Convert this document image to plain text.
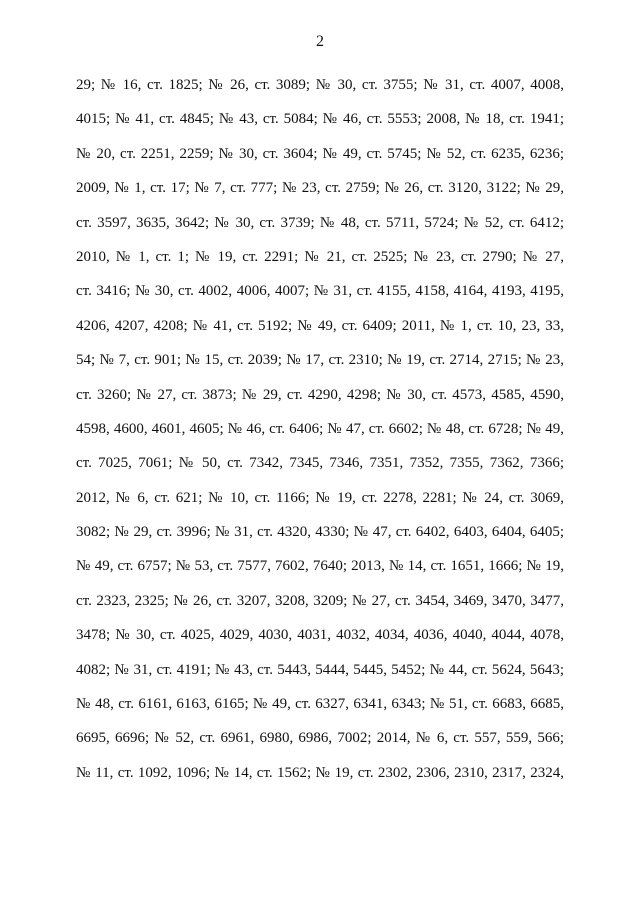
2
29; № 16, ст. 1825; № 26, ст. 3089; № 30, ст. 3755; № 31, ст. 4007, 4008,
4015; № 41, ст. 4845; № 43, ст. 5084; № 46, ст. 5553; 2008, № 18, ст. 1941;
№ 20, ст. 2251, 2259; № 30, ст. 3604; № 49, ст. 5745; № 52, ст. 6235, 6236;
2009, № 1, ст. 17; № 7, ст. 777; № 23, ст. 2759; № 26, ст. 3120, 3122; № 29,
ст. 3597, 3635, 3642; № 30, ст. 3739; № 48, ст. 5711, 5724; № 52, ст. 6412;
2010, № 1, ст. 1; № 19, ст. 2291; № 21, ст. 2525; № 23, ст. 2790; № 27,
ст. 3416; № 30, ст. 4002, 4006, 4007; № 31, ст. 4155, 4158, 4164, 4193, 4195,
4206, 4207, 4208; № 41, ст. 5192; № 49, ст. 6409; 2011, № 1, ст. 10, 23, 33,
54; № 7, ст. 901; № 15, ст. 2039; № 17, ст. 2310; № 19, ст. 2714, 2715; № 23,
ст. 3260; № 27, ст. 3873; № 29, ст. 4290, 4298; № 30, ст. 4573, 4585, 4590,
4598, 4600, 4601, 4605; № 46, ст. 6406; № 47, ст. 6602; № 48, ст. 6728; № 49,
ст. 7025, 7061; № 50, ст. 7342, 7345, 7346, 7351, 7352, 7355, 7362, 7366;
2012, № 6, ст. 621; № 10, ст. 1166; № 19, ст. 2278, 2281; № 24, ст. 3069,
3082; № 29, ст. 3996; № 31, ст. 4320, 4330; № 47, ст. 6402, 6403, 6404, 6405;
№ 49, ст. 6757; № 53, ст. 7577, 7602, 7640; 2013, № 14, ст. 1651, 1666; № 19,
ст. 2323, 2325; № 26, ст. 3207, 3208, 3209; № 27, ст. 3454, 3469, 3470, 3477,
3478; № 30, ст. 4025, 4029, 4030, 4031, 4032, 4034, 4036, 4040, 4044, 4078,
4082; № 31, ст. 4191; № 43, ст. 5443, 5444, 5445, 5452; № 44, ст. 5624, 5643;
№ 48, ст. 6161, 6163, 6165; № 49, ст. 6327, 6341, 6343; № 51, ст. 6683, 6685,
6695, 6696; № 52, ст. 6961, 6980, 6986, 7002; 2014, № 6, ст. 557, 559, 566;
№ 11, ст. 1092, 1096; № 14, ст. 1562; № 19, ст. 2302, 2306, 2310, 2317, 2324,
